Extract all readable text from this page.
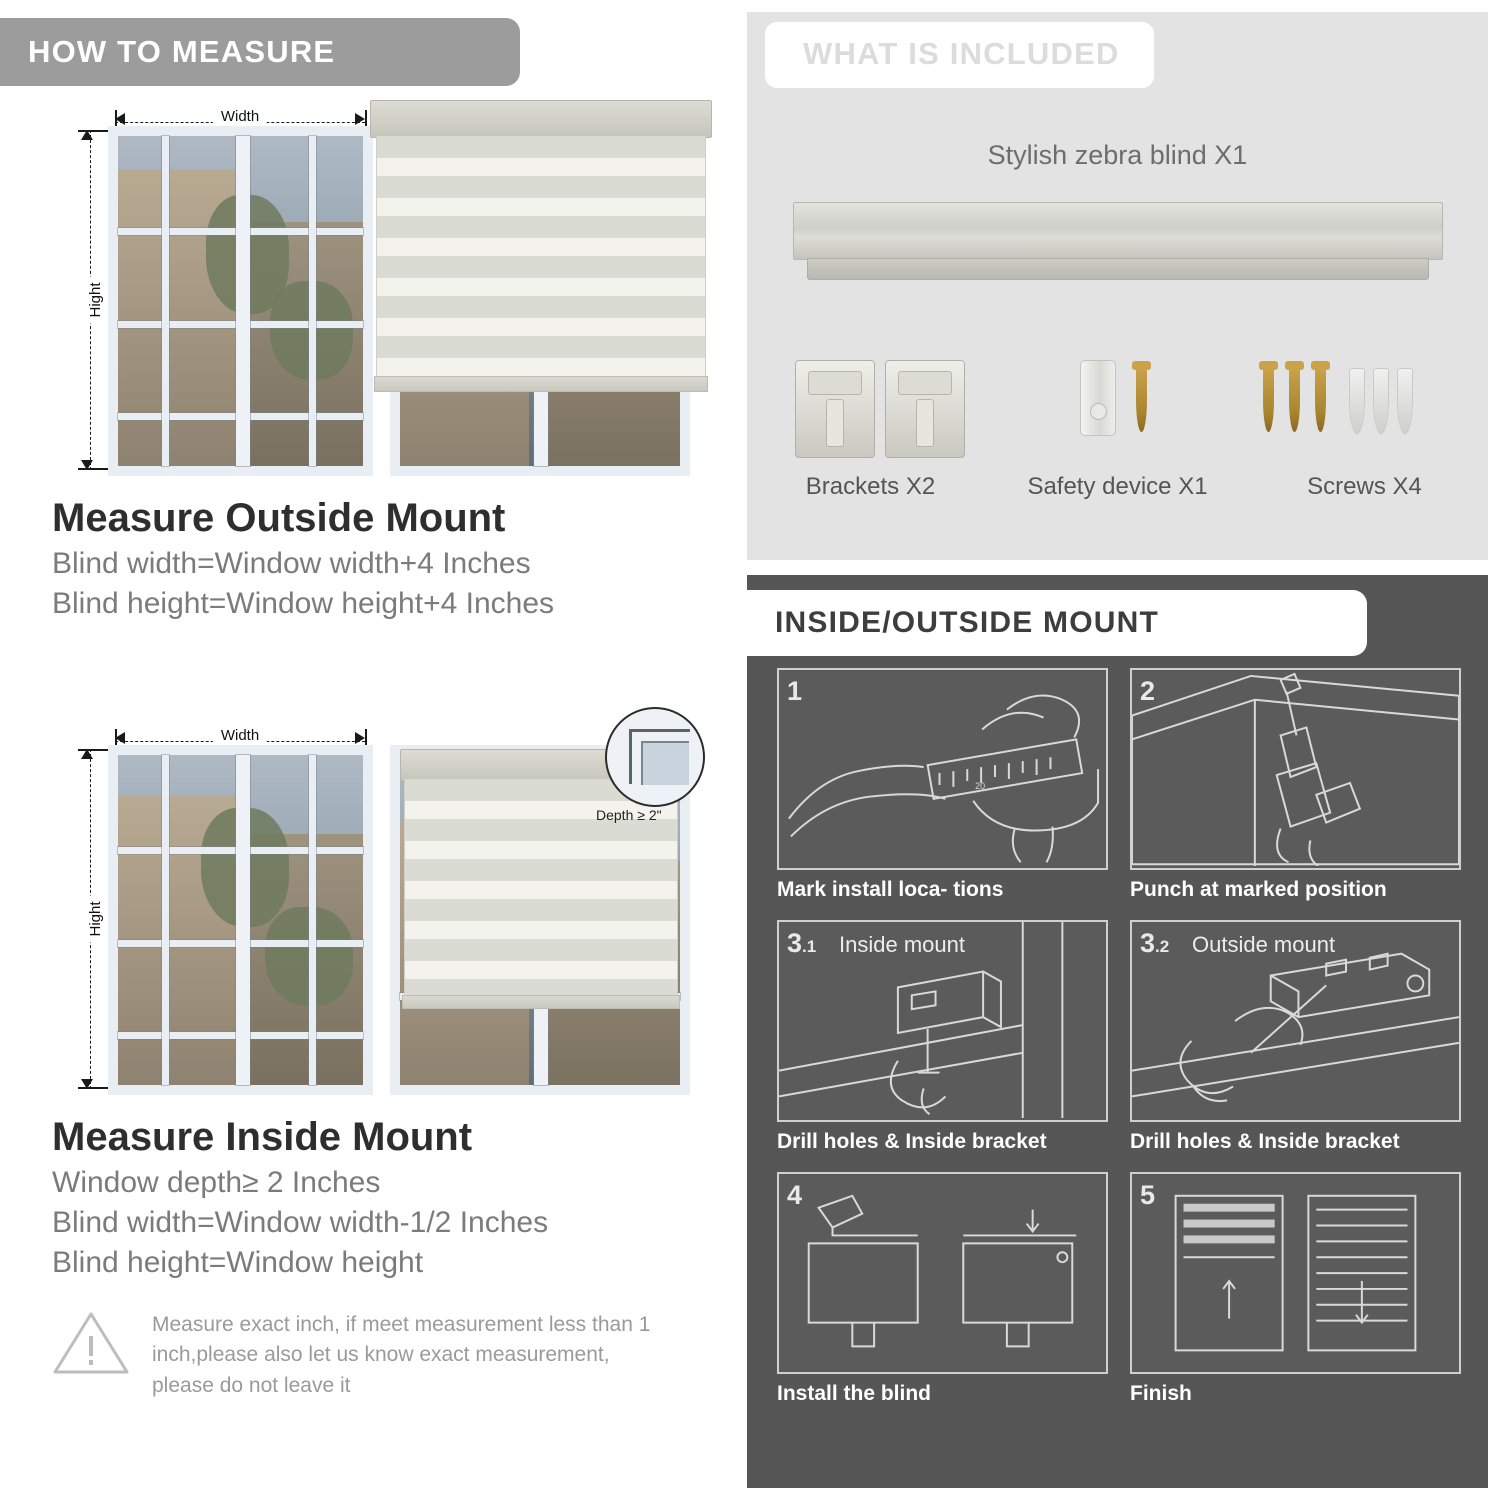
HOW TO MEASURE
Width
Hight
Measure Outside Mount

Blind width=Window width+4 Inches

Blind height=Window height+4 Inches

Width
Hight
Depth ≥ 2"
Measure Inside Mount

Window depth≥ 2 Inches

Blind width=Window width-1/2 Inches

Blind height=Window height

Measure exact inch, if meet measurement less than 1 inch,please also let us know exact measurement, please do not leave it
WHAT IS INCLUDED
Stylish zebra blind X1
Brackets X2	Safety device X1	Screws X4
INSIDE/OUTSIDE MOUNT
1
20
Mark install loca- tions
2
Punch at marked position
3.1 Inside mount
Drill holes & Inside bracket
3.2 Outside mount
Drill holes & Inside bracket
4
Install the blind
5
Finish
